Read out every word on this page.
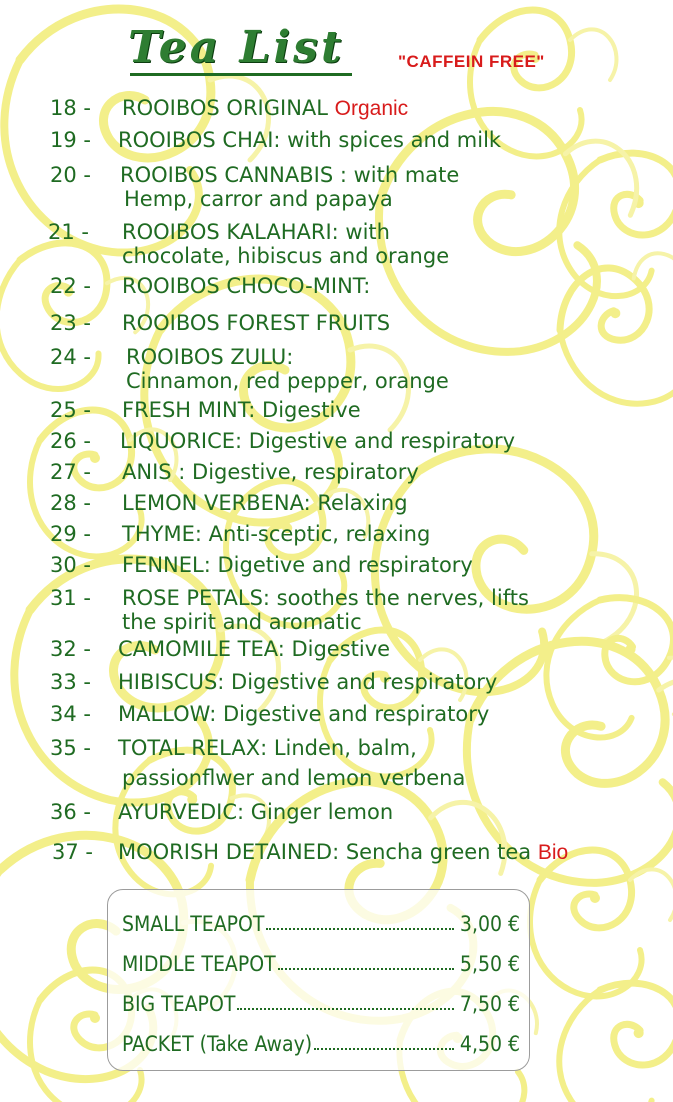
Tea List	"CAFFEIN FREE"
18 -	ROOIBOS ORIGINAL Organic
19 -	ROOIBOS CHAI: with spices and milk
20 -	ROOIBOS CANNABIS : with mate
Hemp, carror and papaya
21 -	ROOIBOS KALAHARI: with
chocolate, hibiscus and orange
22 -	ROOIBOS CHOCO-MINT:
23 -	ROOIBOS FOREST FRUITS
24 -	ROOIBOS ZULU:
Cinnamon, red pepper, orange
25 -	FRESH MINT: Digestive
26 -	LIQUORICE: Digestive and respiratory
27 -	ANIS : Digestive, respiratory
28 -	LEMON VERBENA: Relaxing
29 -	THYME: Anti-sceptic, relaxing
30 -	FENNEL: Digetive and respiratory
31 -	ROSE PETALS: soothes the nerves, lifts
the spirit and aromatic
32 -	CAMOMILE TEA: Digestive
33 -	HIBISCUS: Digestive and respiratory
34 -	MALLOW: Digestive and respiratory
35 -	TOTAL RELAX: Linden, balm,
passionflwer and lemon verbena
36 -	AYURVEDIC: Ginger lemon
37 -	MOORISH DETAINED: Sencha green tea Bio
SMALL TEAPOT	3,00 €
MIDDLE TEAPOT	5,50 €
BIG TEAPOT	7,50 €
PACKET (Take Away)	4,50 €
